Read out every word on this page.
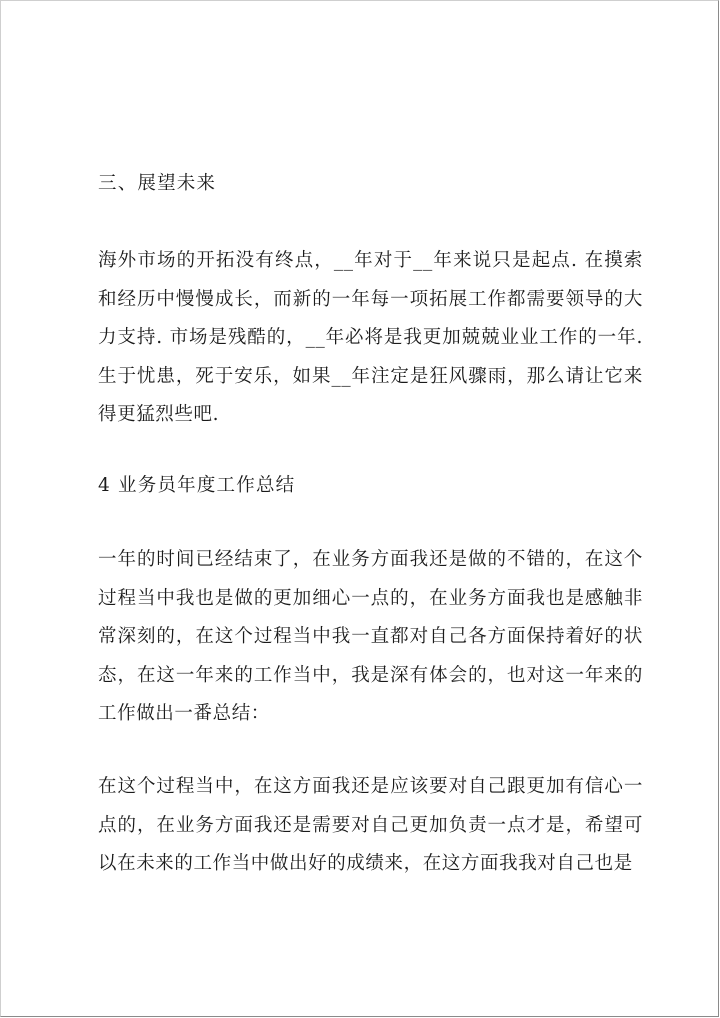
三、展望未来
海外市场的开拓没有终点，__年对于__年来说只是起点. 在摸索和经历中慢慢成长，而新的一年每一项拓展工作都需要领导的大力支持. 市场是残酷的，__年必将是我更加兢兢业业工作的一年. 生于忧患，死于安乐，如果__年注定是狂风骤雨，那么请让它来得更猛烈些吧.
4 业务员年度工作总结
一年的时间已经结束了，在业务方面我还是做的不错的，在这个过程当中我也是做的更加细心一点的，在业务方面我也是感触非常深刻的，在这个过程当中我一直都对自己各方面保持着好的状态，在这一年来的工作当中，我是深有体会的，也对这一年来的工作做出一番总结：
在这个过程当中，在这方面我还是应该要对自己跟更加有信心一点的，在业务方面我还是需要对自己更加负责一点才是，希望可以在未来的工作当中做出好的成绩来，在这方面我我对自己也是
